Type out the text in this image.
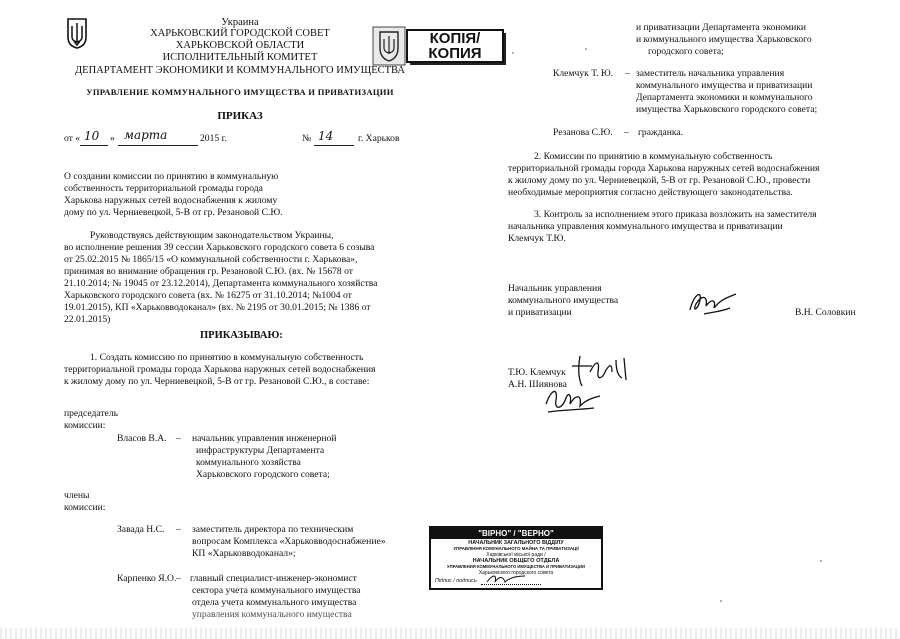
Украина
ХАРЬКОВСКИЙ ГОРОДСКОЙ СОВЕТ
ХАРЬКОВСКОЙ ОБЛАСТИ
ИСПОЛНИТЕЛЬНЫЙ КОМИТЕТ
ДЕПАРТАМЕНТ ЭКОНОМИКИ И КОММУНАЛЬНОГО ИМУЩЕСТВА
УПРАВЛЕНИЕ КОММУНАЛЬНОГО ИМУЩЕСТВА И ПРИВАТИЗАЦИИ
ПРИКАЗ
КОПІЯ/
КОПИЯ
от « 10 » марта	2015 г.	№ 14	г. Харьков
О создании комиссии по принятию в коммунальную
собственность территориальной громады города
Харькова наружных сетей водоснабжения к жилому
дому по ул. Черниевецкой, 5-В от гр. Резановой С.Ю.
Руководствуясь действующим законодательством Украины,
во исполнение решения 39 сессии Харьковского городского совета 6 созыва
от 25.02.2015 № 1865/15 «О коммунальной собственности г. Харькова»,
принимая во внимание обращения гр. Резановой С.Ю. (вх. № 15678 от
21.10.2014; № 19045 от 23.12.2014), Департамента коммунального хозяйства
Харьковского городского совета (вх. № 16275 от 31.10.2014; №1004 от
19.01.2015), КП «Харьковводоканал» (вх. № 2195 от 30.01.2015; № 1386 от
22.01.2015)
ПРИКАЗЫВАЮ:
1. Создать комиссию по принятию в коммунальную собственность
территориальной громады города Харькова наружных сетей водоснабжения
к жилому дому по ул. Черниевецкой, 5-В от гр. Резановой С.Ю., в составе:
председатель
комиссии:
Власов В.А. – начальник управления инженерной
инфраструктуры Департамента
коммунального хозяйства
Харьковского городского совета;
члены
комиссии:
Завада Н.С. – заместитель директора по техническим
вопросам Комплекса «Харьковводоснабжение»
КП «Харьковводоканал»;
Карпенко Я.О. – главный специалист-инженер-экономист
сектора учета коммунального имущества
отдела учета коммунального имущества
управления коммунального имущества
и приватизации Департамента экономики
и коммунального имущества Харьковского
городского совета;
Клемчук Т. Ю. – заместитель начальника управления
коммунального имущества и приватизации
Департамента экономики и коммунального
имущества Харьковского городского совета;
Резанова С.Ю. – гражданка.
2. Комиссии по принятию в коммунальную собственность
территориальной громады города Харькова наружных сетей водоснабжения
к жилому дому по ул. Черниевецкой, 5-В от гр. Резановой С.Ю., провести
необходимые мероприятия согласно действующего законодательства.
3. Контроль за исполнением этого приказа возложить на заместителя
начальника управления коммунального имущества и приватизации
Клемчук Т.Ю.
Начальник управления
коммунального имущества
и приватизации	В.Н. Соловкин
Т.Ю. Клемчук
А.Н. Шиянова
"ВІРНО" / "ВЕРНО"
НАЧАЛЬНИК ЗАГАЛЬНОГО ВІДДІЛУ
УПРАВЛІННЯ КОМУНАЛЬНОГО МАЙНА ТА ПРИВАТИЗАЦІЇ
Харківської міської ради /
НАЧАЛЬНИК ОБЩЕГО ОТДЕЛА
УПРАВЛЕНИЯ КОММУНАЛЬНОГО ИМУЩЕСТВА И ПРИВАТИЗАЦИИ
Харьковского городского совета
Підпис / подпись
